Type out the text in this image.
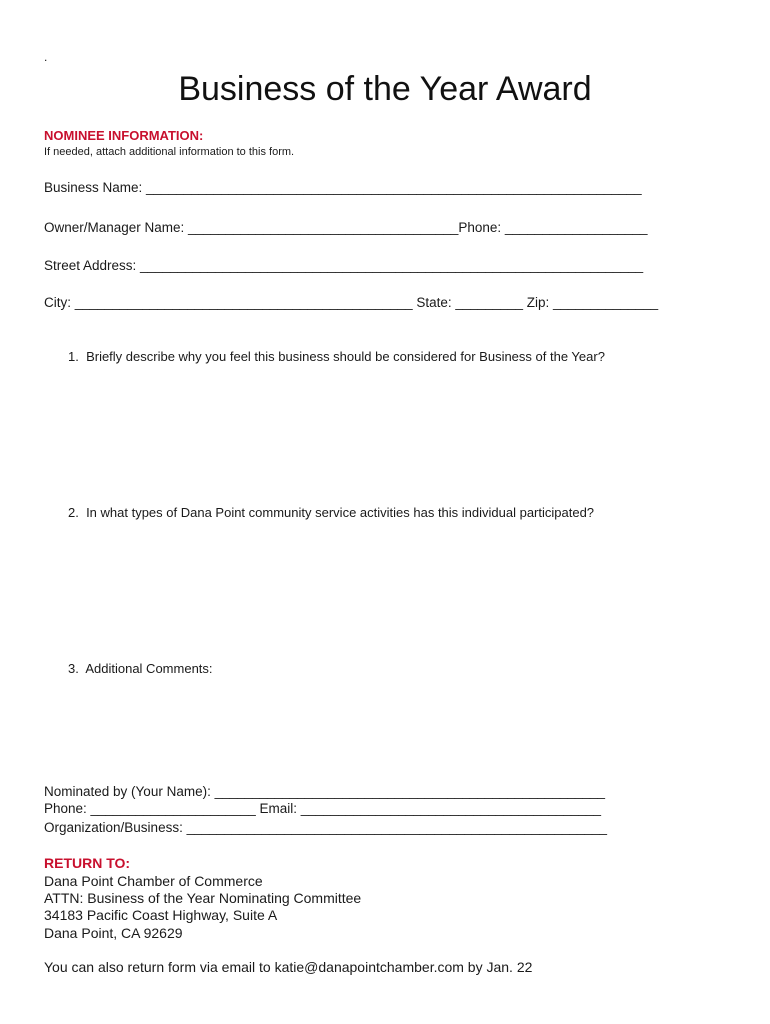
.
Business of the Year Award
NOMINEE INFORMATION:
If needed, attach additional information to this form.
Business Name: __________________________________________________________________
Owner/Manager Name: ____________________________________Phone: ___________________
Street Address: ___________________________________________________________________
City: _____________________________________________ State: _________ Zip: ______________
1.  Briefly describe why you feel this business should be considered for Business of the Year?
2.  In what types of Dana Point community service activities has this individual participated?
3.  Additional Comments:
Nominated by (Your Name): ____________________________________________________
Phone: ______________________ Email: ________________________________________
Organization/Business: ________________________________________________________
RETURN TO:
Dana Point Chamber of Commerce
ATTN: Business of the Year Nominating Committee
34183 Pacific Coast Highway, Suite A
Dana Point, CA 92629
You can also return form via email to katie@danapointchamber.com by Jan. 22
